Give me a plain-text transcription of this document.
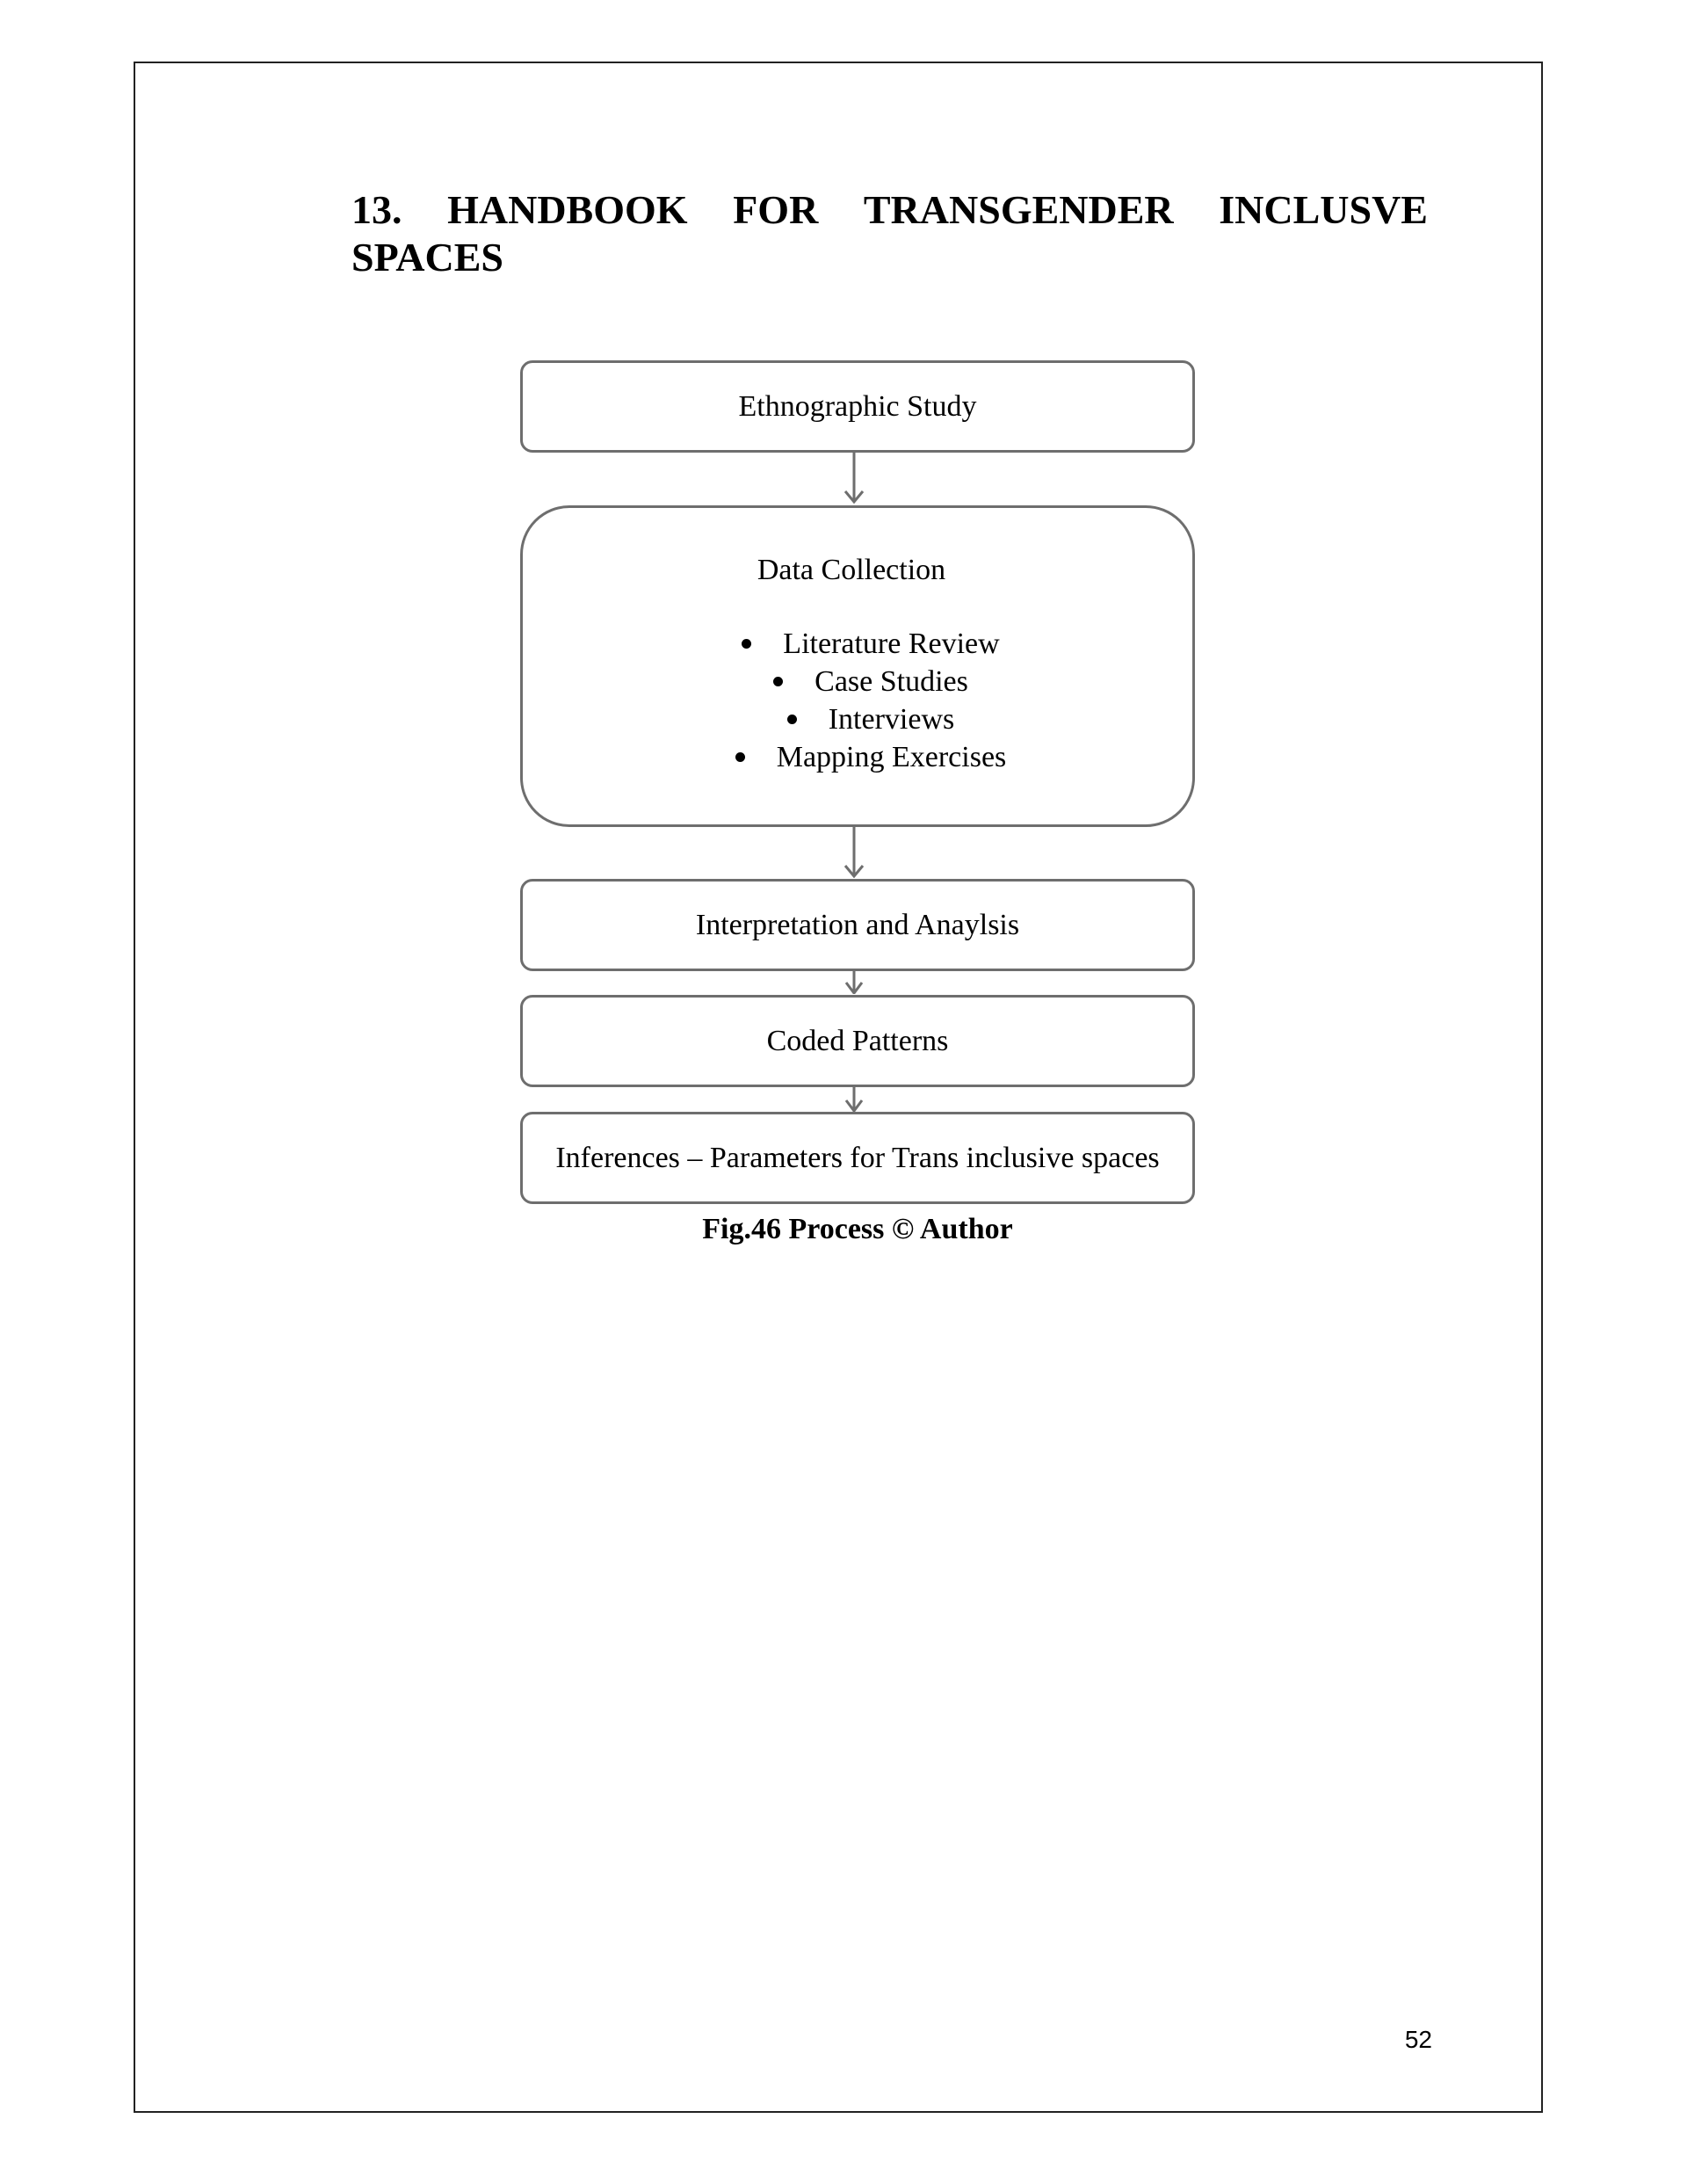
13. HANDBOOK FOR TRANSGENDER INCLUSVE
SPACES
Ethnographic Study
Data Collection
Literature Review
Case Studies
Interviews
Mapping Exercises
Interpretation and Anaylsis
Coded Patterns
Inferences – Parameters for Trans inclusive spaces
Fig.46 Process © Author
52
